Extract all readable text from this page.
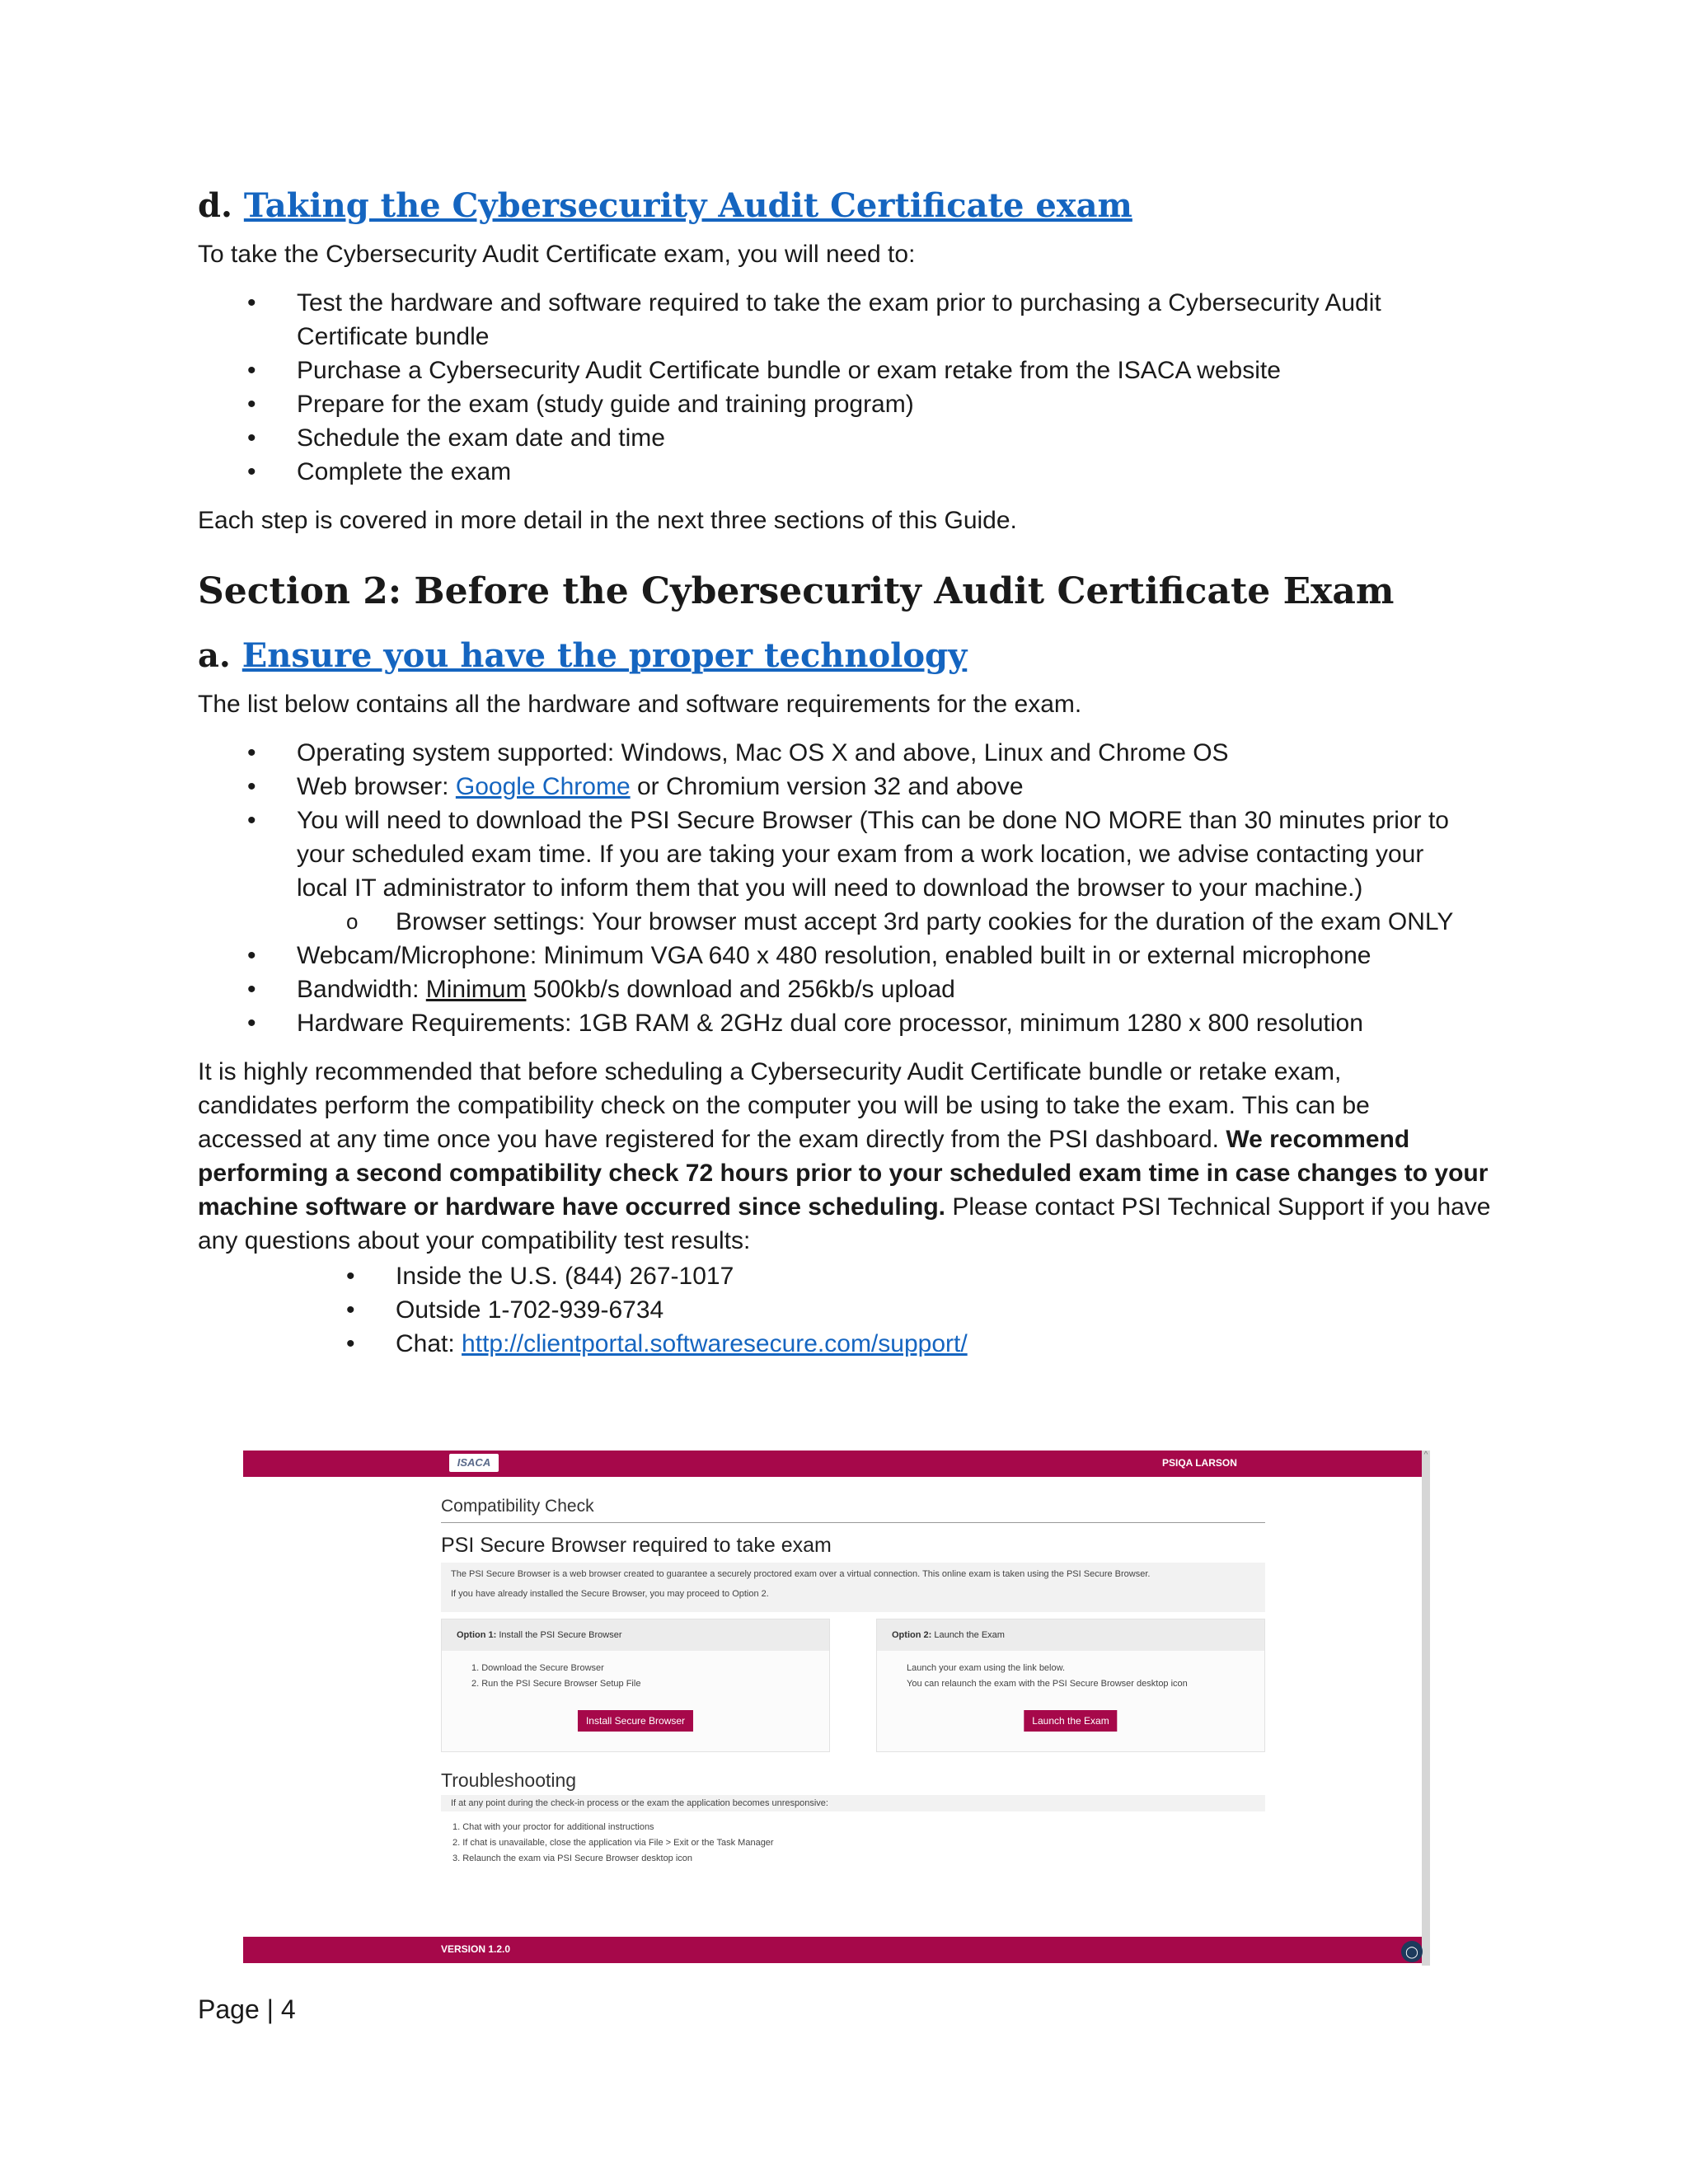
d. Taking the Cybersecurity Audit Certificate exam

To take the Cybersecurity Audit Certificate exam, you will need to:

• Test the hardware and software required to take the exam prior to purchasing a Cybersecurity Audit
Certificate bundle
• Purchase a Cybersecurity Audit Certificate bundle or exam retake from the ISACA website
• Prepare for the exam (study guide and training program)
• Schedule the exam date and time
• Complete the exam

Each step is covered in more detail in the next three sections of this Guide.

Section 2: Before the Cybersecurity Audit Certificate Exam
a. Ensure you have the proper technology

The list below contains all the hardware and software requirements for the exam.

• Operating system supported: Windows, Mac OS X and above, Linux and Chrome OS
• Web browser: Google Chrome or Chromium version 32 and above
• You will need to download the PSI Secure Browser (This can be done NO MORE than 30 minutes prior to
your scheduled exam time. If you are taking your exam from a work location, we advise contacting your
local IT administrator to inform them that you will need to download the browser to your machine.)
o Browser settings: Your browser must accept 3rd party cookies for the duration of the exam ONLY
• Webcam/Microphone: Minimum VGA 640 x 480 resolution, enabled built in or external microphone
• Bandwidth: Minimum 500kb/s download and 256kb/s upload
• Hardware Requirements: 1GB RAM & 2GHz dual core processor, minimum 1280 x 800 resolution

It is highly recommended that before scheduling a Cybersecurity Audit Certificate bundle or retake exam,
candidates perform the compatibility check on the computer you will be using to take the exam. This can be
accessed at any time once you have registered for the exam directly from the PSI dashboard. We recommend
performing a second compatibility check 72 hours prior to your scheduled exam time in case changes to your
machine software or hardware have occurred since scheduling. Please contact PSI Technical Support if you have
any questions about your compatibility test results:

• Inside the U.S. (844) 267-1017
• Outside 1-702-939-6734
• Chat: http://clientportal.softwaresecure.com/support/
ISACA	PSIQA LARSON
^
Compatibility Check
PSI Secure Browser required to take exam
The PSI Secure Browser is a web browser created to guarantee a securely proctored exam over a virtual connection. This online exam is taken using the PSI Secure Browser.
If you have already installed the Secure Browser, you may proceed to Option 2.
Option 1: Install the PSI Secure Browser
1. Download the Secure Browser
2. Run the PSI Secure Browser Setup File
Install Secure Browser
Option 2: Launch the Exam
Launch your exam using the link below.
You can relaunch the exam with the PSI Secure Browser desktop icon
Launch the Exam
Troubleshooting
If at any point during the check-in process or the exam the application becomes unresponsive:
1. Chat with your proctor for additional instructions
2. If chat is unavailable, close the application via File > Exit or the Task Manager
3. Relaunch the exam via PSI Secure Browser desktop icon
VERSION 1.2.0	◯
Page | 4
